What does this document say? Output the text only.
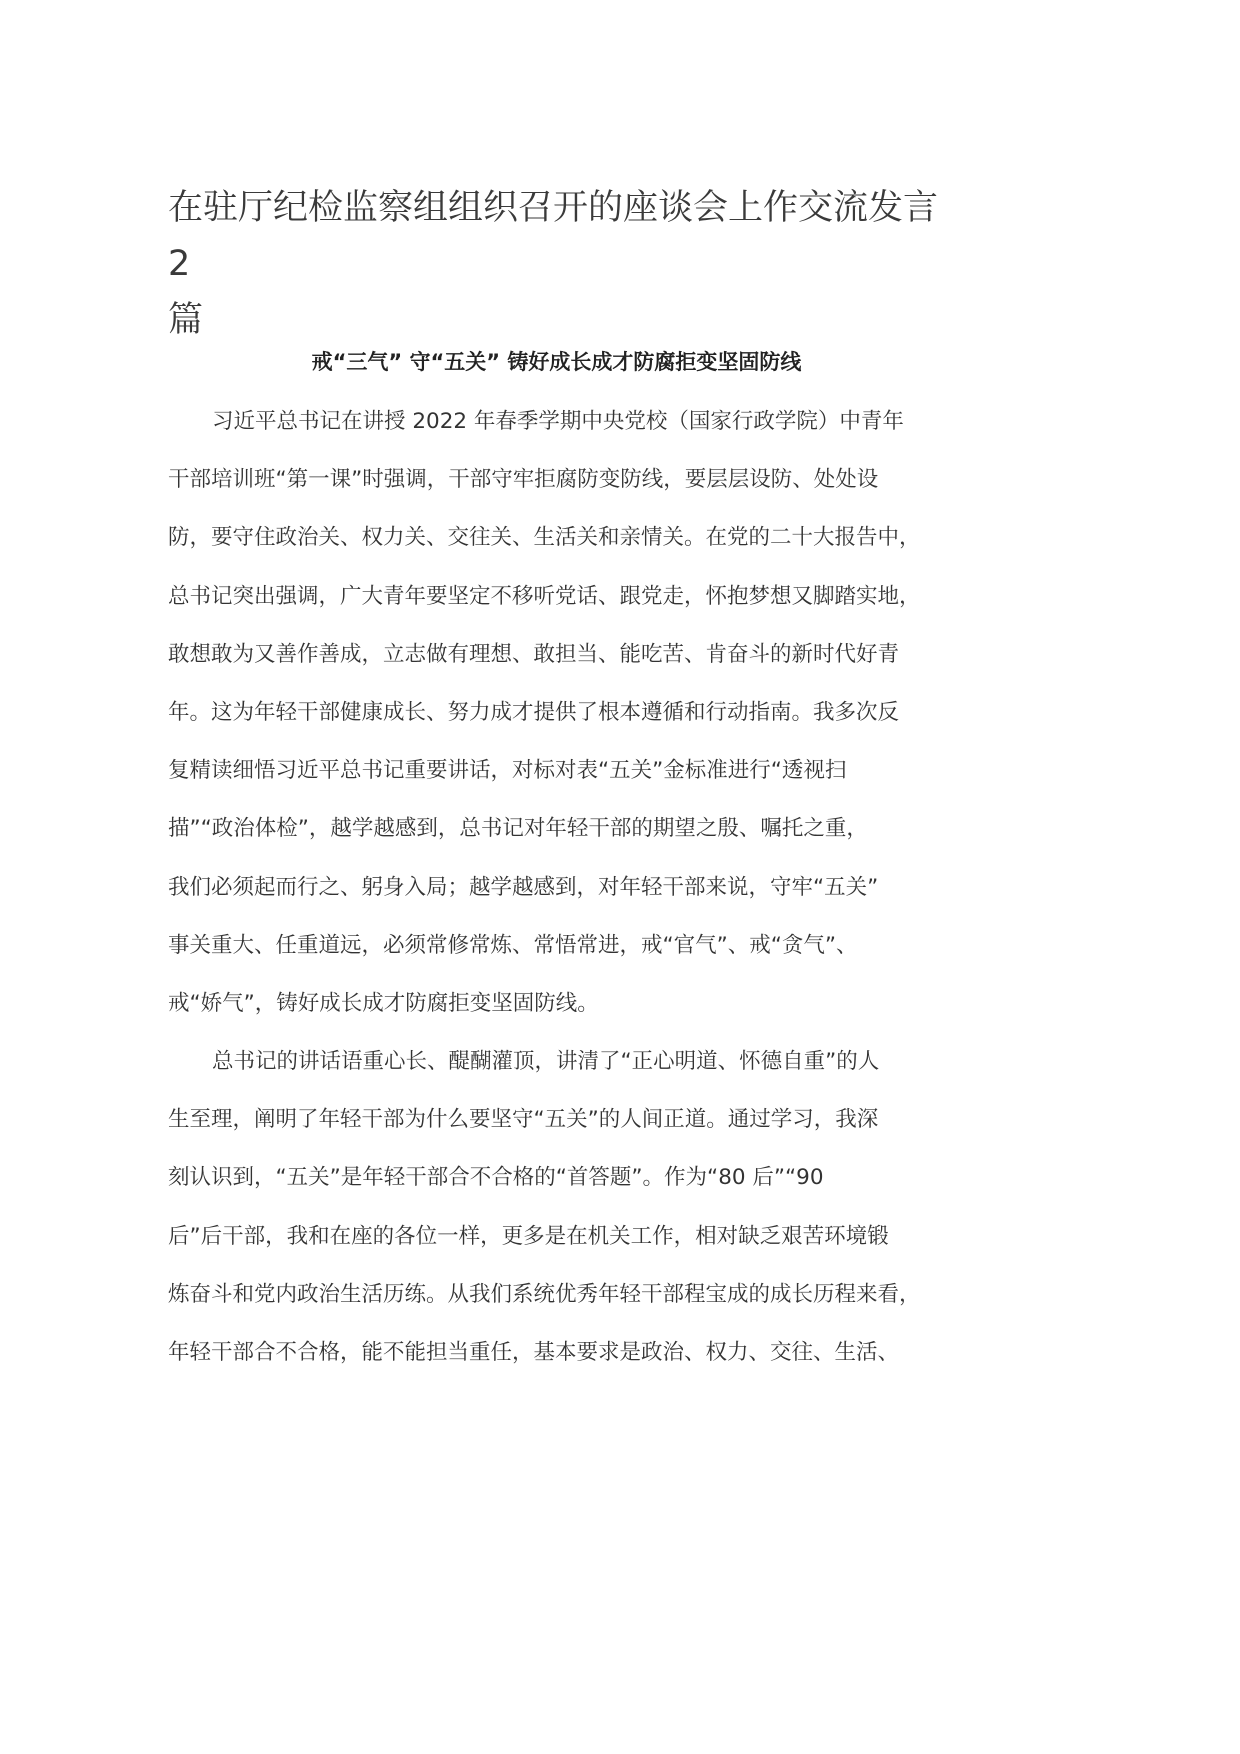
在驻厅纪检监察组组织召开的座谈会上作交流发言 2
篇
戒“三气” 守“五关” 铸好成长成才防腐拒变坚固防线
习近平总书记在讲授 2022 年春季学期中央党校（国家行政学院）中青年
干部培训班“第一课”时强调，干部守牢拒腐防变防线，要层层设防、处处设
防，要守住政治关、权力关、交往关、生活关和亲情关。在党的二十大报告中，
总书记突出强调，广大青年要坚定不移听党话、跟党走，怀抱梦想又脚踏实地，
敢想敢为又善作善成，立志做有理想、敢担当、能吃苦、肯奋斗的新时代好青
年。这为年轻干部健康成长、努力成才提供了根本遵循和行动指南。我多次反
复精读细悟习近平总书记重要讲话，对标对表“五关”金标准进行“透视扫
描”“政治体检”，越学越感到，总书记对年轻干部的期望之殷、嘱托之重，
我们必须起而行之、躬身入局；越学越感到，对年轻干部来说，守牢“五关”
事关重大、任重道远，必须常修常炼、常悟常进，戒“官气”、戒“贪气”、
戒“娇气”，铸好成长成才防腐拒变坚固防线。
总书记的讲话语重心长、醍醐灌顶，讲清了“正心明道、怀德自重”的人
生至理，阐明了年轻干部为什么要坚守“五关”的人间正道。通过学习，我深
刻认识到，“五关”是年轻干部合不合格的“首答题”。作为“80 后”“90
后”后干部，我和在座的各位一样，更多是在机关工作，相对缺乏艰苦环境锻
炼奋斗和党内政治生活历练。从我们系统优秀年轻干部程宝成的成长历程来看，
年轻干部合不合格，能不能担当重任，基本要求是政治、权力、交往、生活、
